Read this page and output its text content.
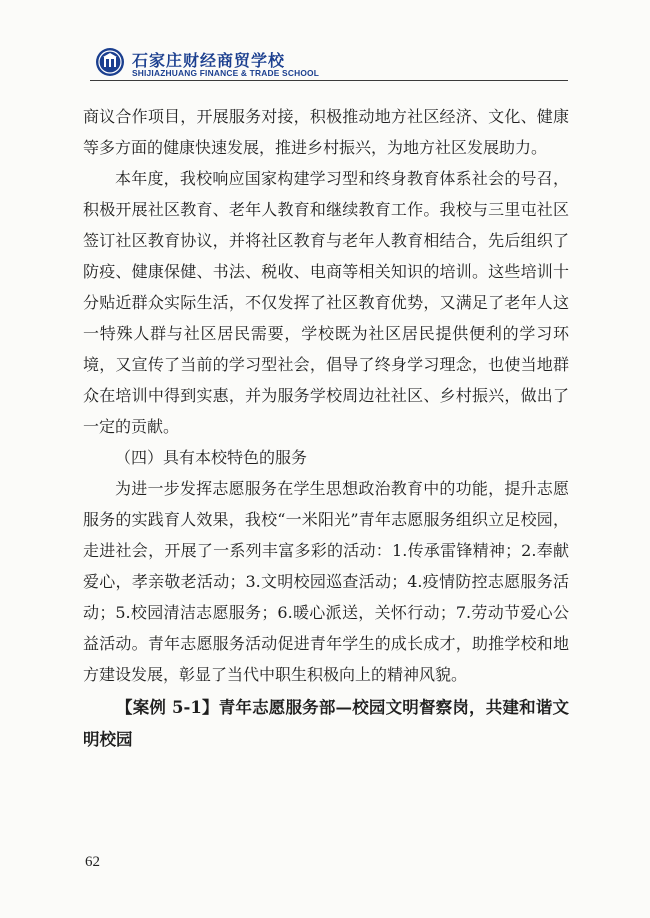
石家庄财经商贸学校
SHIJIAZHUANG FINANCE & TRADE SCHOOL

商议合作项目，开展服务对接，积极推动地方社区经济、文化、健康等多方面的健康快速发展，推进乡村振兴，为地方社区发展助力。

本年度，我校响应国家构建学习型和终身教育体系社会的号召，积极开展社区教育、老年人教育和继续教育工作。我校与三里屯社区签订社区教育协议，并将社区教育与老年人教育相结合，先后组织了防疫、健康保健、书法、税收、电商等相关知识的培训。这些培训十分贴近群众实际生活，不仅发挥了社区教育优势，又满足了老年人这一特殊人群与社区居民需要，学校既为社区居民提供便利的学习环境，又宣传了当前的学习型社会，倡导了终身学习理念，也使当地群众在培训中得到实惠，并为服务学校周边社社区、乡村振兴，做出了一定的贡献。

（四）具有本校特色的服务

为进一步发挥志愿服务在学生思想政治教育中的功能，提升志愿服务的实践育人效果，我校“一米阳光”青年志愿服务组织立足校园，走进社会，开展了一系列丰富多彩的活动：1.传承雷锋精神；2.奉献爱心，孝亲敬老活动；3.文明校园巡查活动；4.疫情防控志愿服务活动；5.校园清洁志愿服务；6.暖心派送，关怀行动；7.劳动节爱心公益活动。青年志愿服务活动促进青年学生的成长成才，助推学校和地方建设发展，彰显了当代中职生积极向上的精神风貌。

【案例 5-1】青年志愿服务部—校园文明督察岗，共建和谐文明校园

62
